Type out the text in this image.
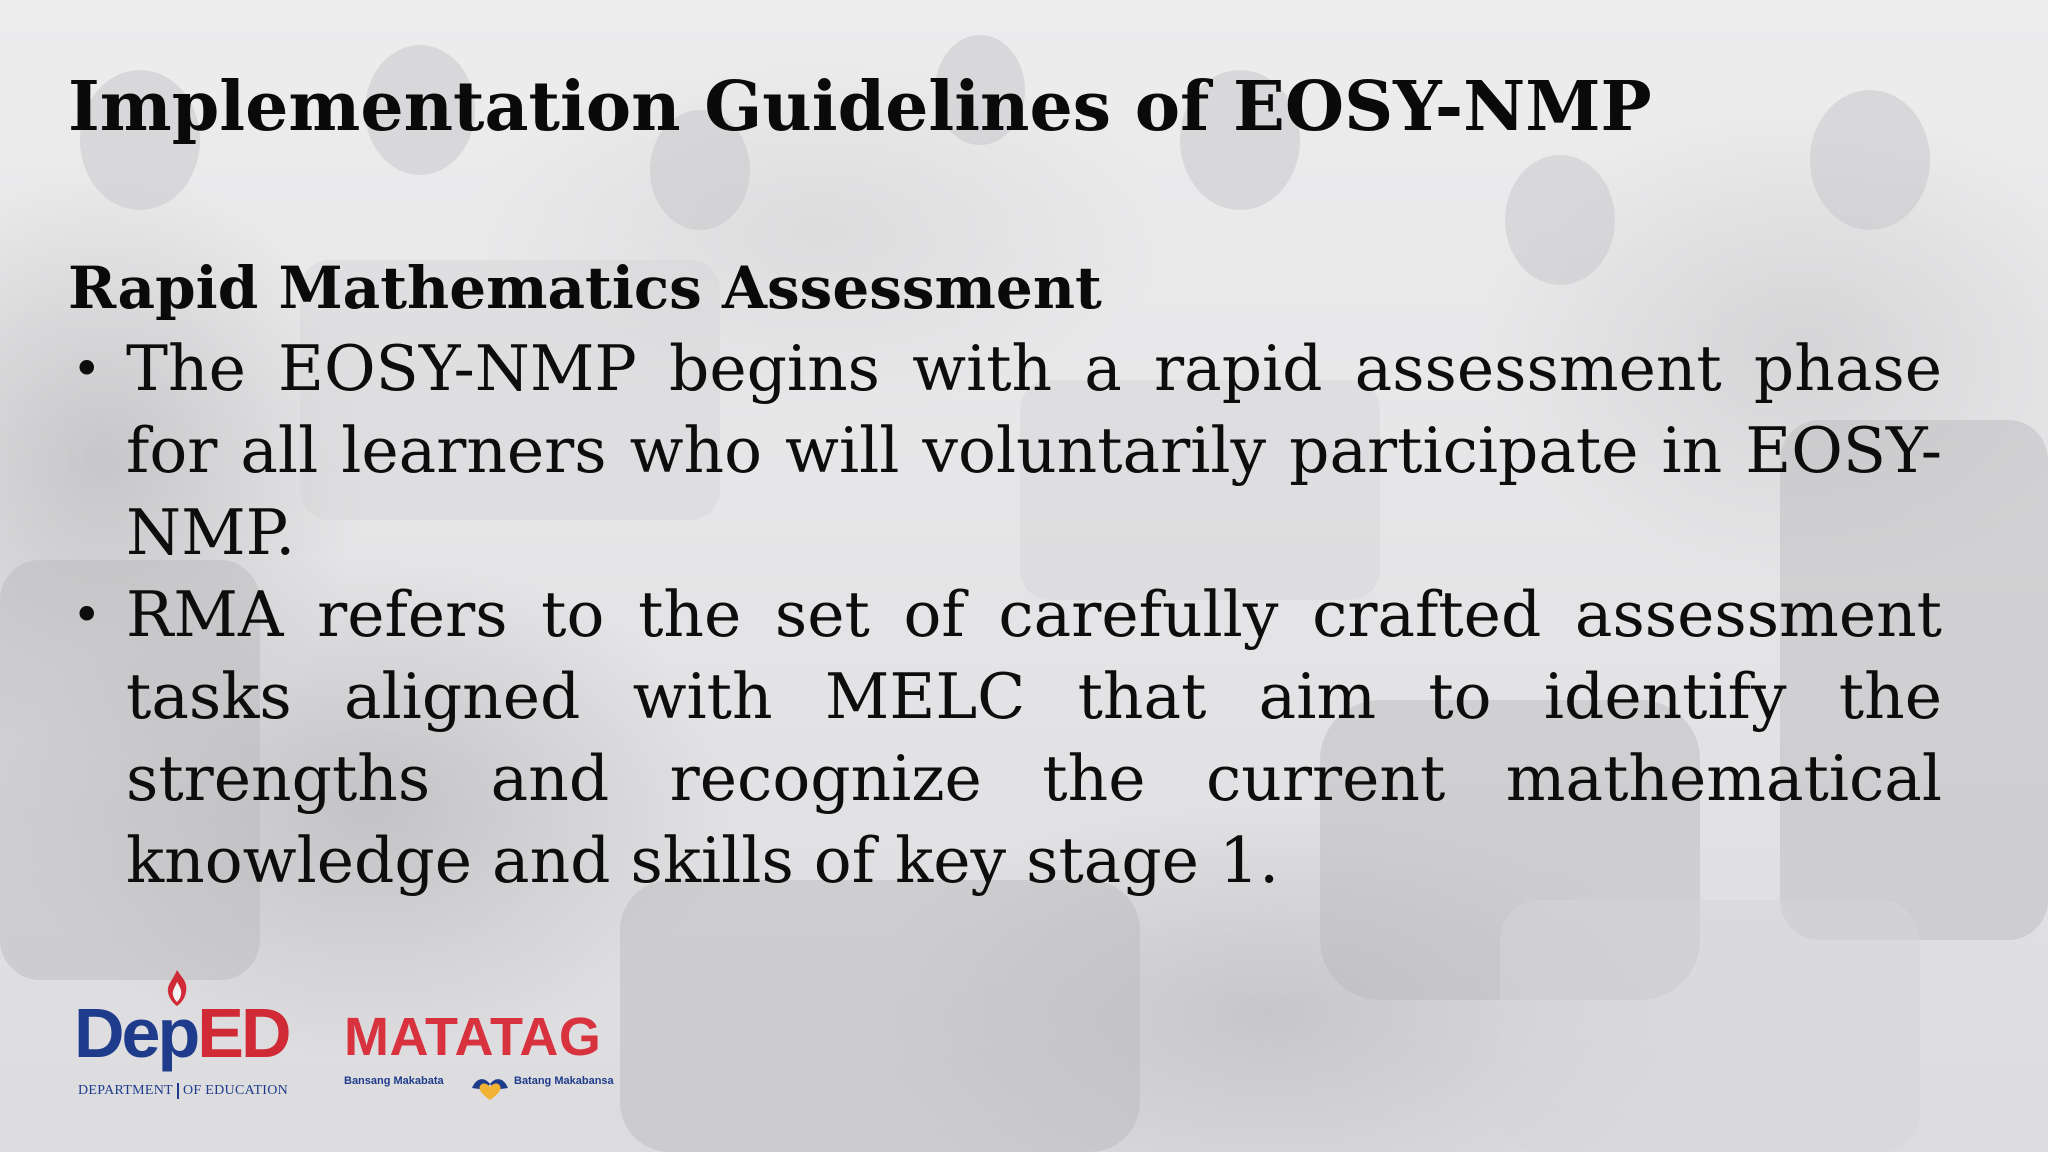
Implementation Guidelines of EOSY-NMP
Rapid Mathematics Assessment
• The EOSY-NMP begins with a rapid assessment phase for all learners who will voluntarily participate in EOSY-NMP.
• RMA refers to the set of carefully crafted assessment tasks aligned with MELC that aim to identify the strengths and recognize the current mathematical knowledge and skills of key stage 1.
DepED
DEPARTMENT OF EDUCATION
MATATAG
Bansang Makabata	Batang Makabansa
